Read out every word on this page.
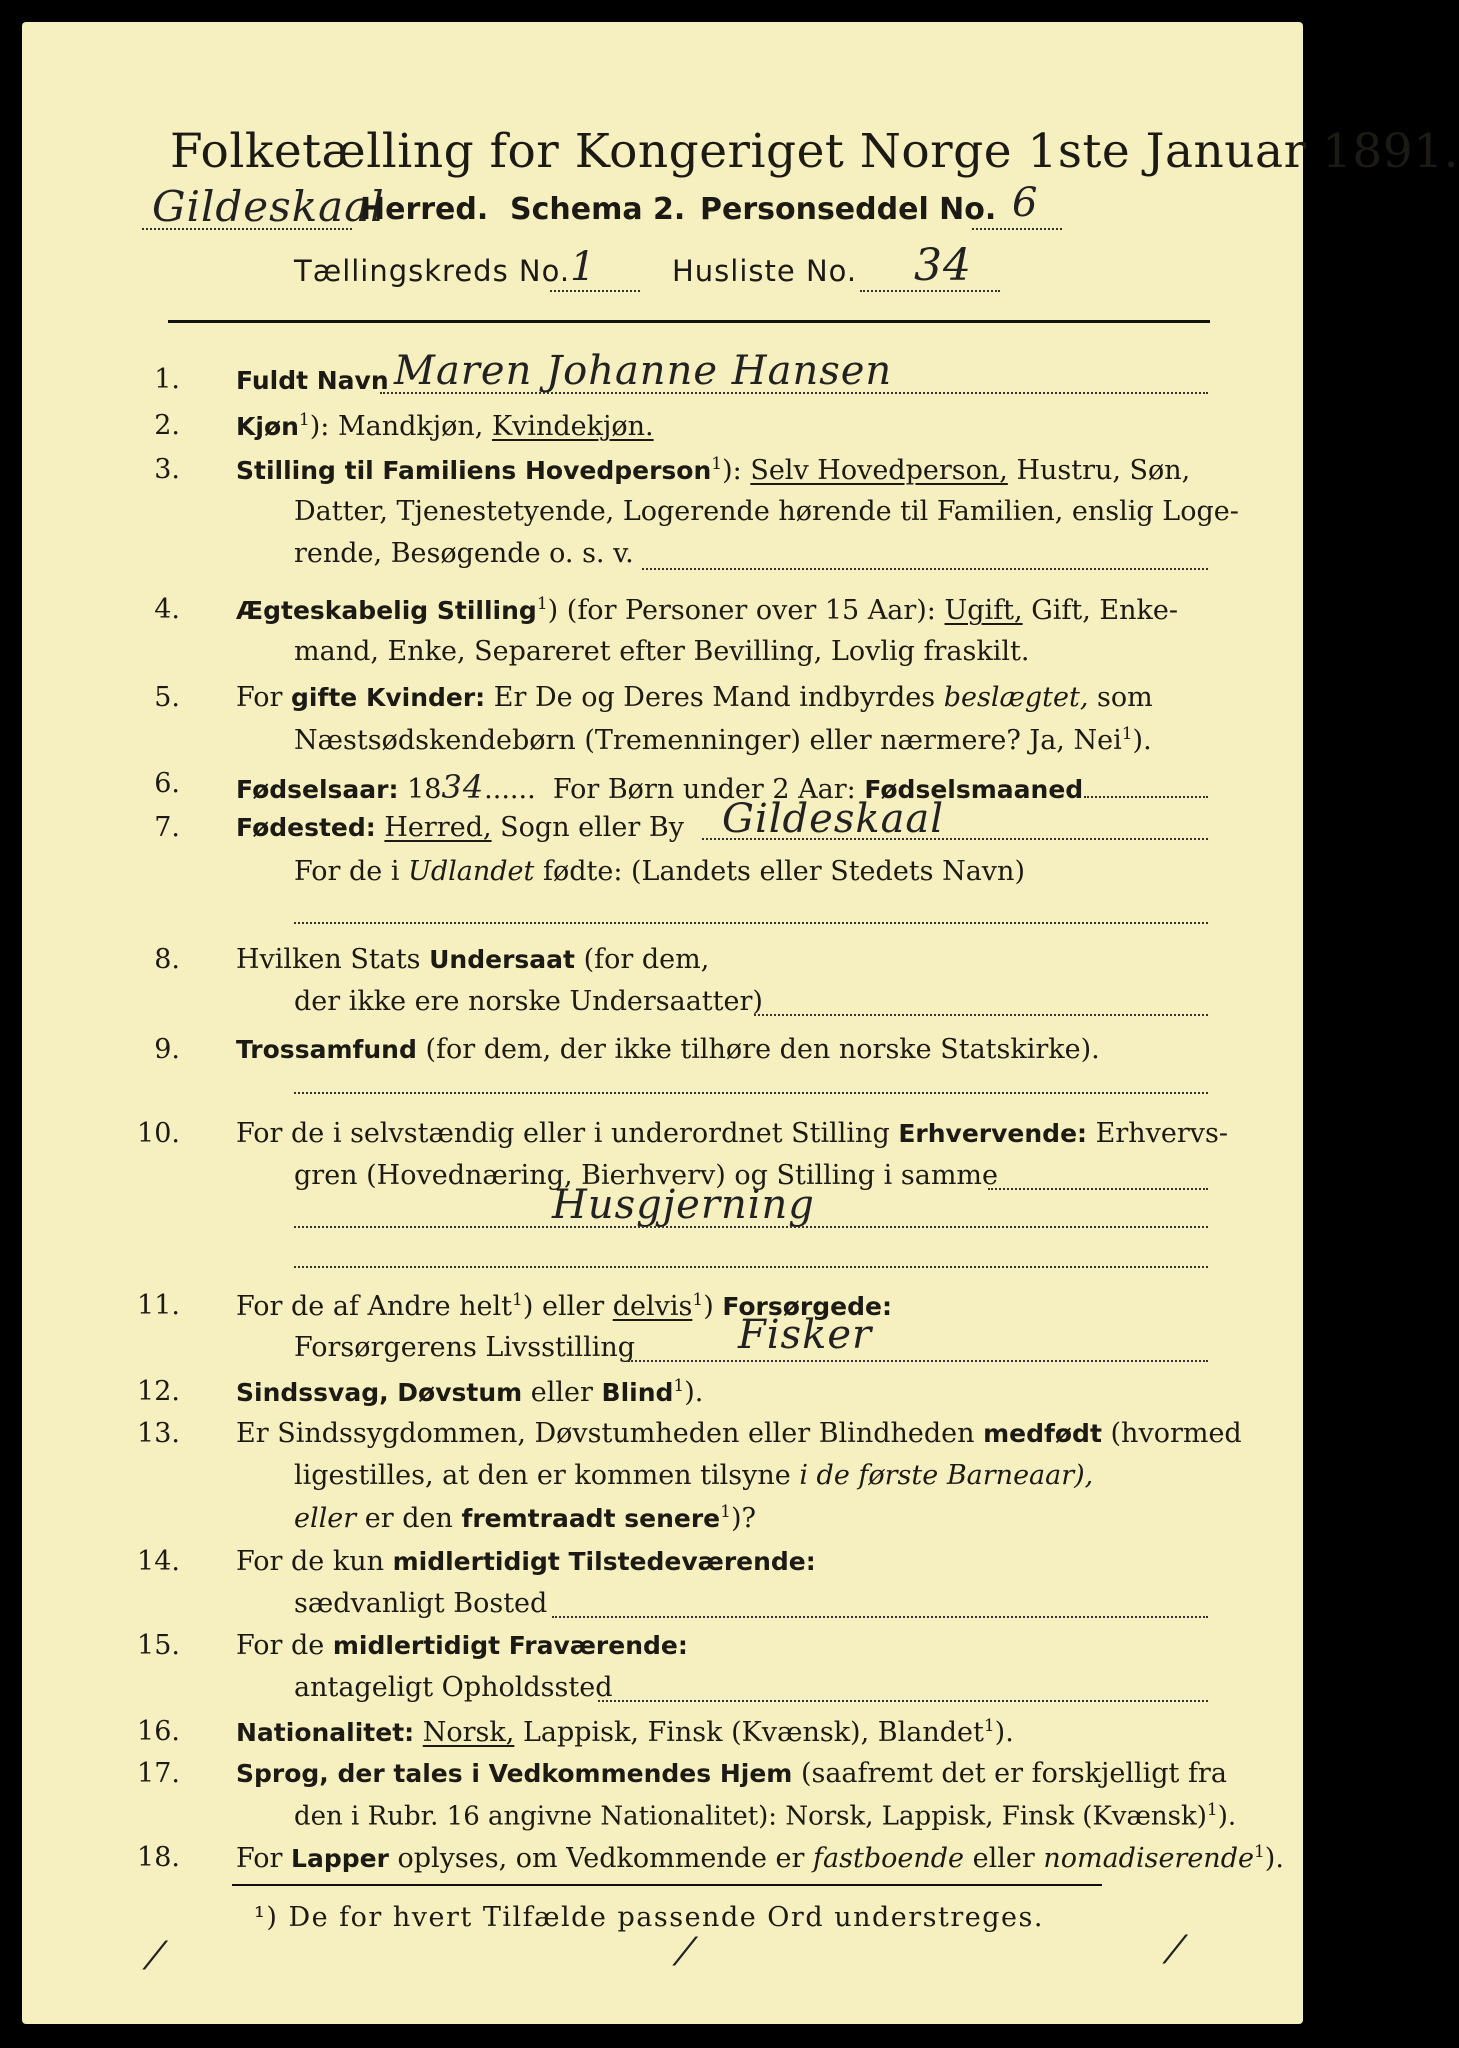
Folketælling for Kongeriget Norge 1ste Januar 1891.
Gildeskaal
Herred. Schema 2. Personseddel No. 6
Tællingskreds No. 1	Husliste No. 34
1. Fuldt Navn Maren Johanne Hansen
2. Kjøn$^1$): Mandkjøn, Kvindekjøn.
3. Stilling til Familiens Hovedperson$^1$): Selv Hovedperson, Hustru, Søn,
Datter, Tjenestetyende, Logerende hørende til Familien, enslig Loge-
rende, Besøgende o. s. v.
4. Ægteskabelig Stilling$^1$) (for Personer over 15 Aar): Ugift, Gift, Enke-
mand, Enke, Separeret efter Bevilling, Lovlig fraskilt.
5. For gifte Kvinder: Er De og Deres Mand indbyrdes beslægtet, som
Næstsødskendebørn (Tremenninger) eller nærmere? Ja, Nei$^1$).
6. Fødselsaar: 1834......  For Børn under 2 Aar: Fødselsmaaned
7. Fødested: Herred, Sogn eller By Gildeskaal
For de i Udlandet fødte: (Landets eller Stedets Navn)
8. Hvilken Stats Undersaat (for dem,
der ikke ere norske Undersaatter)
9. Trossamfund (for dem, der ikke tilhøre den norske Statskirke).
10. For de i selvstændig eller i underordnet Stilling Erhvervende: Erhvervs-
gren (Hovednæring, Bierhverv) og Stilling i samme
Husgjerning
11. For de af Andre helt$^1$) eller delvis$^1$) Forsørgede:
Forsørgerens Livsstilling	Fisker
12. Sindssvag, Døvstum eller Blind$^1$).
13. Er Sindssygdommen, Døvstumheden eller Blindheden medfødt (hvormed
ligestilles, at den er kommen tilsyne i de første Barneaar),
eller er den fremtraadt senere$^1$)?
14. For de kun midlertidigt Tilstedeværende:
sædvanligt Bosted
15. For de midlertidigt Fraværende:
antageligt Opholdssted
16. Nationalitet: Norsk, Lappisk, Finsk (Kvænsk), Blandet$^1$).
17. Sprog, der tales i Vedkommendes Hjem (saafremt det er forskjelligt fra
den i Rubr. 16 angivne Nationalitet): Norsk, Lappisk, Finsk (Kvænsk)$^1$).
18. For Lapper oplyses, om Vedkommende er fastboende eller nomadiserende$^1$).
¹) De for hvert Tilfælde passende Ord understreges.
⁄	⁄	⁄
